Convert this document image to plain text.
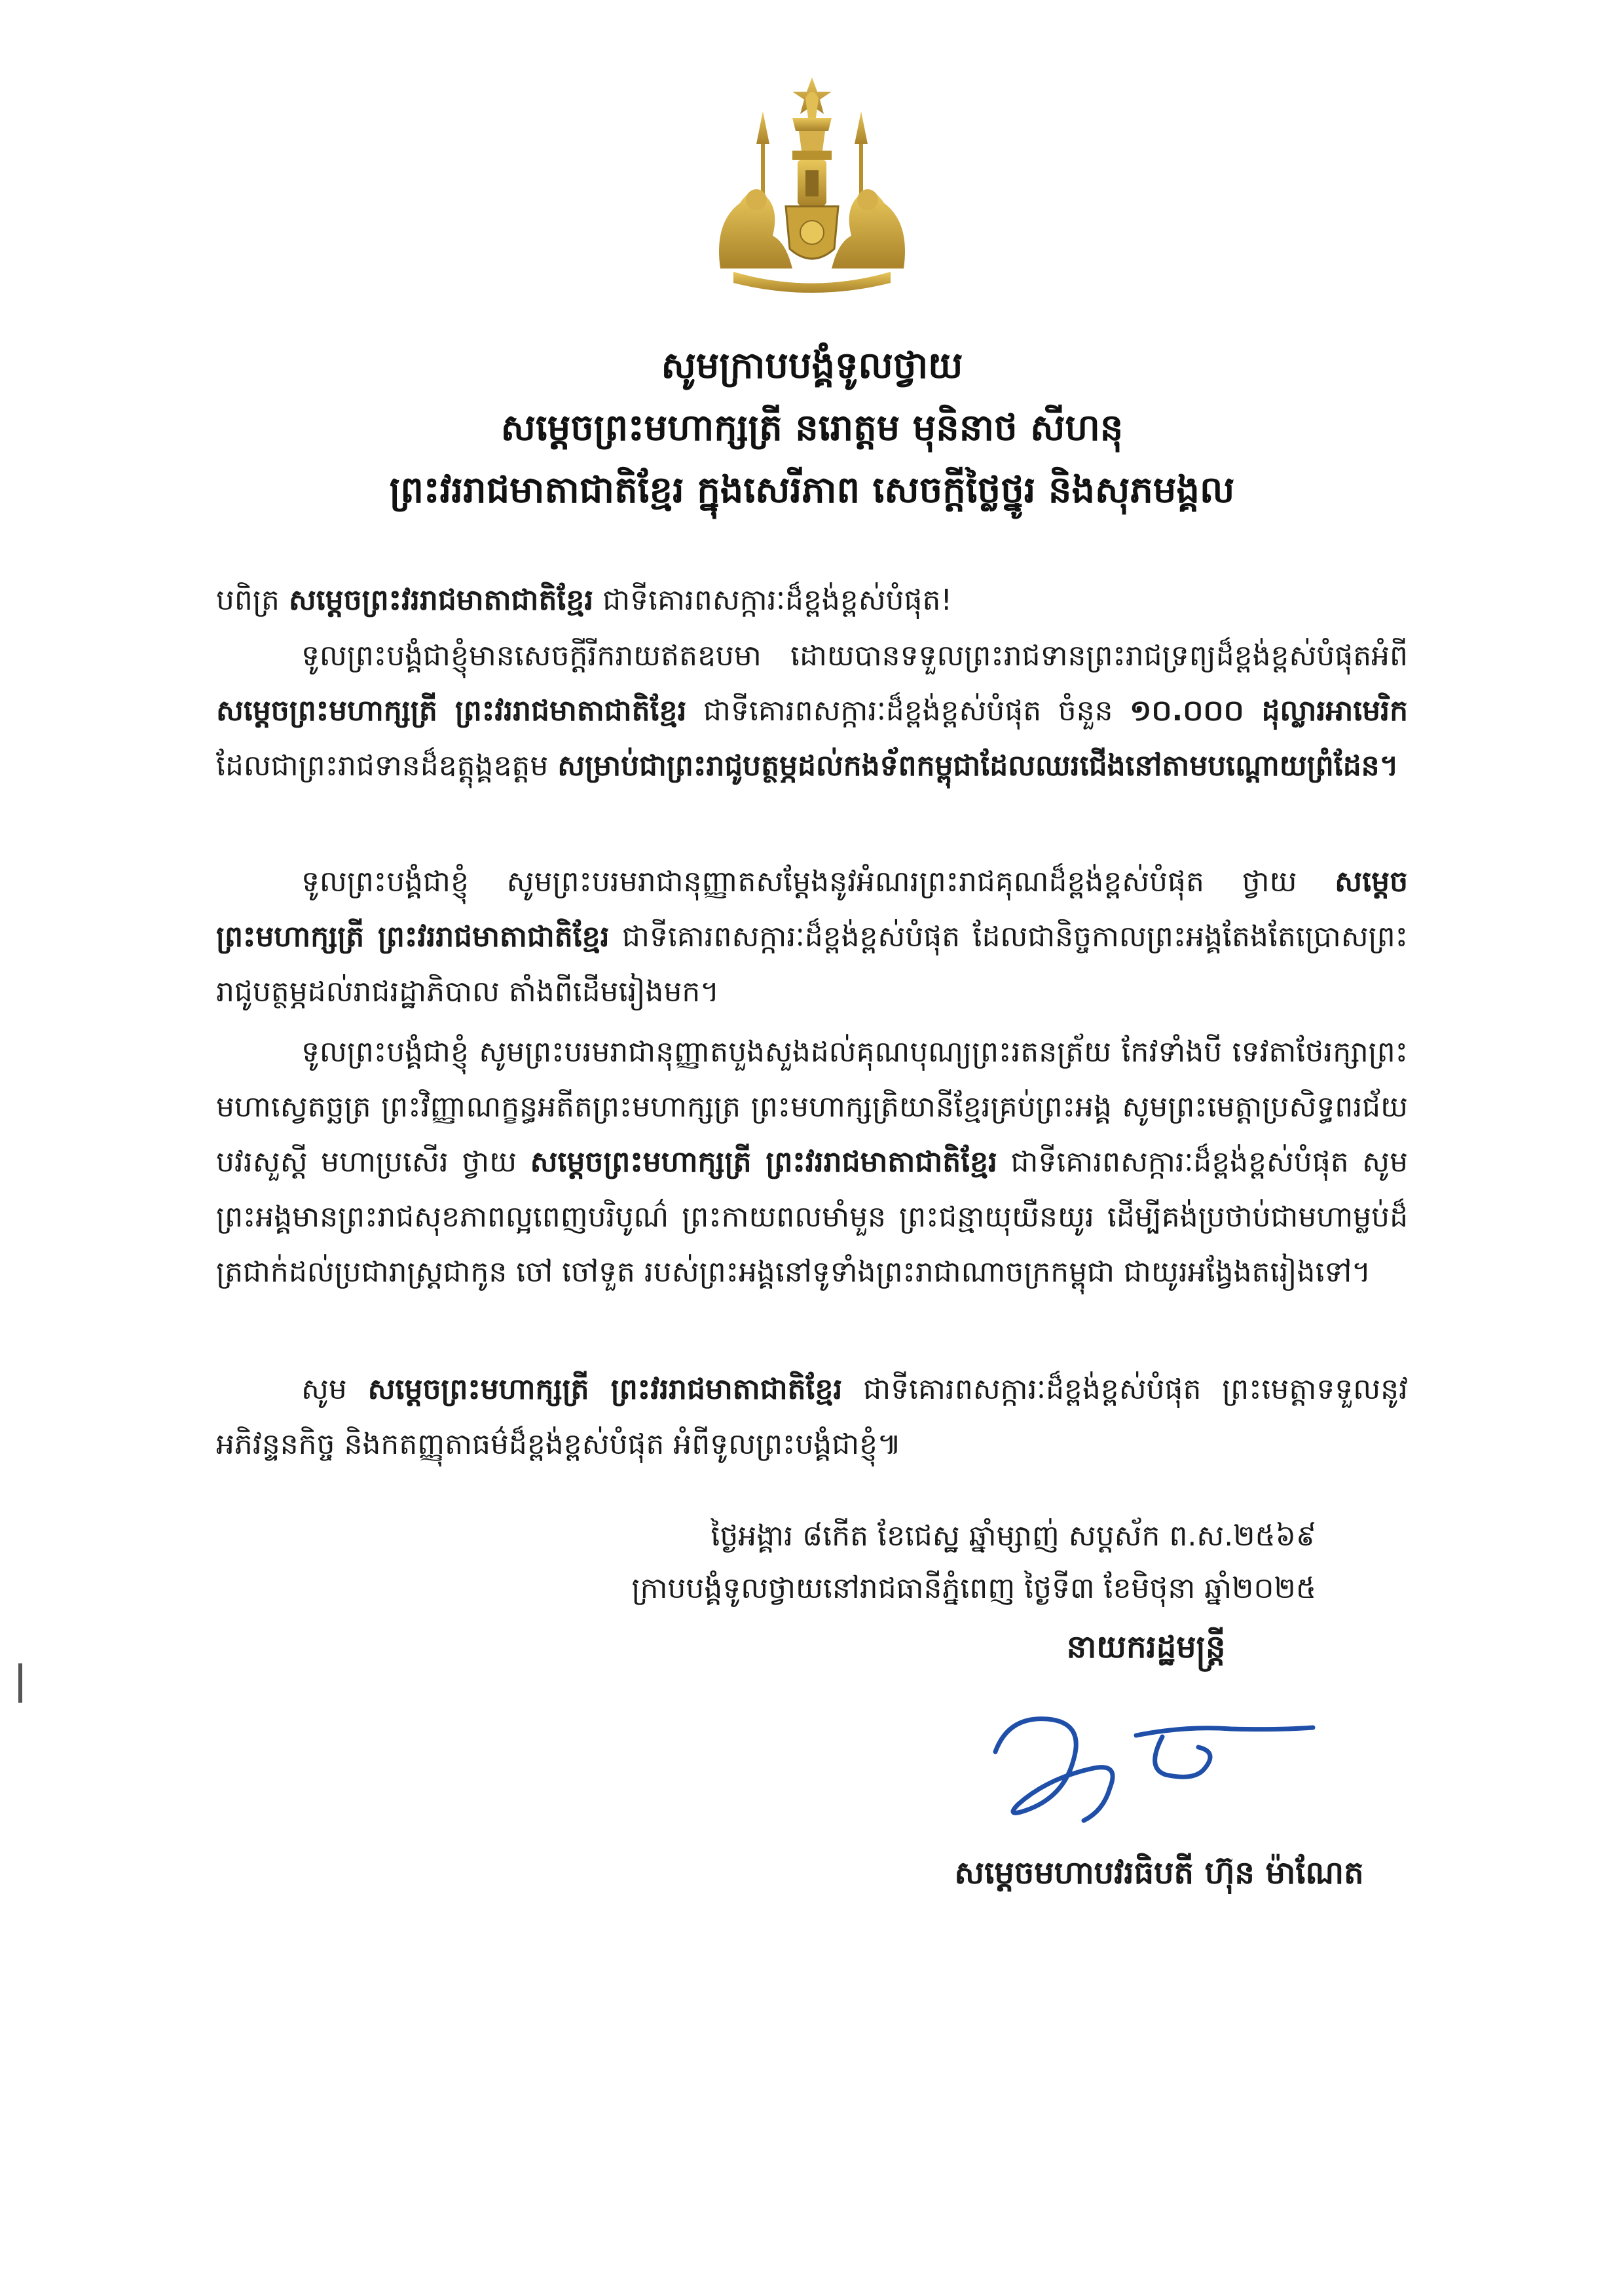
សូមក្រាបបង្គំទូលថ្វាយ
សម្តេចព្រះមហាក្សត្រី នរោត្តម មុនិនាថ សីហនុ
ព្រះវររាជមាតាជាតិខ្មែរ ក្នុងសេរីភាព សេចក្តីថ្លៃថ្នូរ និងសុភមង្គល
បពិត្រ សម្តេចព្រះវររាជមាតាជាតិខ្មែរ ជាទីគោរពសក្ការៈដ៏ខ្ពង់ខ្ពស់បំផុត!
ទូលព្រះបង្គំជាខ្ញុំមានសេចក្តីរីករាយឥតឧបមា ដោយបានទទួលព្រះរាជទានព្រះរាជទ្រព្យដ៏ខ្ពង់ខ្ពស់បំផុតអំពី សម្តេចព្រះមហាក្សត្រី ព្រះវររាជមាតាជាតិខ្មែរ ជាទីគោរពសក្ការៈដ៏ខ្ពង់ខ្ពស់បំផុត ចំនួន ១០.០០០ ដុល្លារអាមេរិក ដែលជាព្រះរាជទានដ៏ឧត្តុង្គឧត្តម សម្រាប់ជាព្រះរាជូបត្ថម្ភដល់កងទ័ពកម្ពុជាដែលឈរជើងនៅតាមបណ្តោយព្រំដែន។
ទូលព្រះបង្គំជាខ្ញុំ សូមព្រះបរមរាជានុញ្ញាតសម្តែងនូវអំណរព្រះរាជគុណដ៏ខ្ពង់ខ្ពស់បំផុត ថ្វាយ សម្តេចព្រះមហាក្សត្រី ព្រះវររាជមាតាជាតិខ្មែរ ជាទីគោរពសក្ការៈដ៏ខ្ពង់ខ្ពស់បំផុត ដែលជានិច្ចកាលព្រះអង្គតែងតែប្រោសព្រះរាជូបត្ថម្ភដល់រាជរដ្ឋាភិបាល តាំងពីដើមរៀងមក។
ទូលព្រះបង្គំជាខ្ញុំ សូមព្រះបរមរាជានុញ្ញាតបួងសួងដល់គុណបុណ្យព្រះរតនត្រ័យ កែវទាំងបី ទេវតាថែរក្សាព្រះមហាស្វេតច្ឆត្រ ព្រះវិញ្ញាណក្ខន្ធអតីតព្រះមហាក្សត្រ ព្រះមហាក្សត្រិយានីខ្មែរគ្រប់ព្រះអង្គ សូមព្រះមេត្តាប្រសិទ្ធពរជ័យ បវរសួស្តី មហាប្រសើរ ថ្វាយ សម្តេចព្រះមហាក្សត្រី ព្រះវររាជមាតាជាតិខ្មែរ ជាទីគោរពសក្ការៈដ៏ខ្ពង់ខ្ពស់បំផុត សូមព្រះអង្គមានព្រះរាជសុខភាពល្អពេញបរិបូណ៌ ព្រះកាយពលមាំមួន ព្រះជន្មាយុយឺនយូរ ដើម្បីគង់ប្រថាប់ជាមហាម្លប់ដ៏ត្រជាក់ដល់ប្រជារាស្ត្រជាកូន ចៅ ចៅទួត របស់ព្រះអង្គនៅទូទាំងព្រះរាជាណាចក្រកម្ពុជា ជាយូរអង្វែងតរៀងទៅ។
សូម សម្តេចព្រះមហាក្សត្រី ព្រះវររាជមាតាជាតិខ្មែរ ជាទីគោរពសក្ការៈដ៏ខ្ពង់ខ្ពស់បំផុត ព្រះមេត្តាទទួលនូវអភិវន្ទនកិច្ច និងកតញ្ញុតាធម៌ដ៏ខ្ពង់ខ្ពស់បំផុត អំពីទូលព្រះបង្គំជាខ្ញុំ៕
ថ្ងៃអង្គារ ៨កើត ខែជេស្ឋ ឆ្នាំម្សាញ់ សប្តស័ក ព.ស.២៥៦៩
ក្រាបបង្គំទូលថ្វាយនៅរាជធានីភ្នំពេញ ថ្ងៃទី៣ ខែមិថុនា ឆ្នាំ២០២៥
នាយករដ្ឋមន្ត្រី
សម្តេចមហាបវរធិបតី ហ៊ុន ម៉ាណែត
